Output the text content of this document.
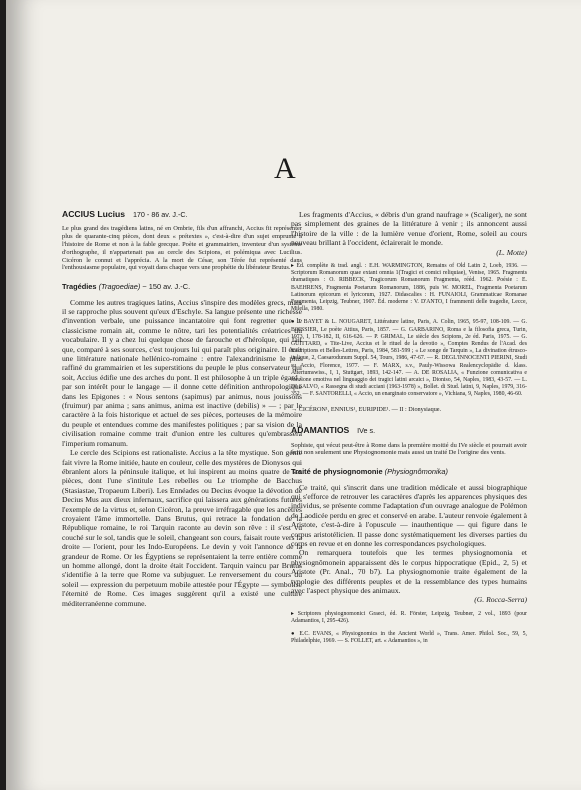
A
ACCIUS Lucius 170 - 86 av. J.-C.

Le plus grand des tragédiens latins, né en Ombrie, fils d'un affranchi, Accius fit représenter plus de quarante-cinq pièces, dont deux « prétextes », c'est-à-dire d'un sujet emprunté à l'histoire de Rome et non à la fable grecque. Poète et grammairien, inventeur d'un système d'orthographe, il n'appartenait pas au cercle des Scipions, et polémiqua avec Lucilius. Cicéron le connut et l'apprécia. A la mort de César, son Térée fut représenté dans l'enthousiasme populaire, qui voyait dans chaque vers une prophétie du libérateur Brutus.

Tragédies (Tragoediae) ~ 150 av. J.-C.

Comme les autres tragiques latins, Accius s'inspire des modèles grecs, mais il se rapproche plus souvent qu'eux d'Eschyle. Sa langue présente une richesse d'invention verbale, une puissance incantatoire qui font regretter que le classicisme romain ait, comme le nôtre, tari les potentialités créatrices du vocabulaire. Il y a chez lui quelque chose de farouche et d'héroïque, qui fait que, comparé à ses sources, c'est toujours lui qui paraît plus originaire. Il écrit une littérature nationale hellénico-romaine : entre l'alexandrinisme le plus raffiné du grammairien et les superstitions du peuple le plus conservateur qui soit, Accius édifie une des arches du pont. Il est philosophe à un triple égard : par son intérêt pour le langage — il donne cette définition anthropologique dans les Epigones : « Nous sentons (sapimus) par animus, nous jouissons (fruimur) par anima ; sans animus, anima est inactive (debilis) » — ; par le caractère à la fois historique et actuel de ses pièces, porteuses de la mémoire du peuple et entendues comme des manifestes politiques ; par sa vision de la civilisation romaine comme trait d'union entre les cultures qu'embrassera l'imperium romanum.

Le cercle des Scipions est rationaliste. Accius a la tête mystique. Son génie fait vivre la Rome initiée, haute en couleur, celle des mystères de Dionysos qui ébranlent alors la péninsule italique, et lui inspirent au moins quatre de ses pièces, dont l'une s'intitule Les rebelles ou Le triomphe de Bacchus (Stasiastae, Tropaeum Liberi). Les Ennéades ou Decius évoque la dévotion de Decius Mus aux dieux infernaux, sacrifice qui laissera aux générations futures l'exemple de la virtus et, selon Cicéron, la preuve irréfragable que les ancêtres croyaient l'âme immortelle. Dans Brutus, qui retrace la fondation de la République romaine, le roi Tarquin raconte au devin son rêve : il s'est vu couché sur le sol, tandis que le soleil, changeant son cours, faisait route vers la droite — l'orient, pour les Indo-Européens. Le devin y voit l'annonce de la grandeur de Rome. Or les Égyptiens se représentaient la terre entière comme un homme allongé, dont la droite était l'occident. Tarquin vaincu par Brutus s'identifie à la terre que Rome va subjuguer. Le renversement du cours du soleil — expression du perpetuum mobile attestée pour l'Égypte — symbolise l'éternité de Rome. Ces images suggèrent qu'il a existé une culture méditerranéenne commune.

Les fragments d'Accius, « débris d'un grand naufrage » (Scaliger), ne sont pas simplement des graines de la littérature à venir ; ils annoncent aussi l'histoire de la ville : de la lumière venue d'orient, Rome, soleil au cours nouveau brillant à l'occident, éclairerait le monde.

(L. Motte)

▸ Éd. complète & trad. angl. : E.H. WARMINGTON, Remains of Old Latin 2, Loeb, 1936. — Scriptorum Romanorum quae extant omnia 1(Tragici et comici reliquiae), Venise, 1965. Fragments dramatiques : O. RIBBECK, Tragicorum Romanorum Fragmenta, rééd. 1962. Poésie : E. BAEHRENS, Fragmenta Poetarum Romanorum, 1886, puis W. MOREL, Fragmenta Poetarum Latinorum epicorum et lyricorum, 1927. Didascalies : H. FUNAIOLI, Grammaticae Romanae Fragmenta, Leipzig, Teubner, 1907. Éd. moderne : V. D'ANTO, I frammenti delle tragedie, Lecce, Milella, 1980.

● J. BAYET & L. NOUGARET, Littérature latine, Paris, A. Colin, 1965, 95-97, 108-109. — G. BOISSIER, Le poète Attius, Paris, 1857. — G. GARBARINO, Roma e la filosofia greca, Turin, 1973, I, 178-182, II, 616-626. — P. GRIMAL, Le siècle des Scipions, 2e éd. Paris, 1975. — G. GUITTARD, « Tite-Live, Accius et le rituel de la devotio », Comptes Rendus de l'Acad. des Inscriptions et Belles-Lettres, Paris, 1984, 581-599 ; « Le songe de Tarquin », La divination étrusco-italique, 2, Caesarodunum Suppl. 54, Tours, 1986, 47-67. — R. DEGL'INNOCENTI PIERINI, Studi su Accio, Florence, 1977. — F. MARX, s.v., Pauly-Wissowa Realencyclopädie d. klass. Altertumswiss., I, 1, Stuttgart, 1893, 142-147. — A. DE ROSALIA, « Funzione comunicativa e funzione emotiva nel linguaggio dei tragici latini arcaici », Dioniso, 54, Naples, 1983, 43-57. — L. DI SALVO, « Rassegna di studi acciani (1963-1978) », Bollet. di Stud. latini, 9, Naples, 1979, 316-352. — F. SANTORELLI, « Accio, un enarginato conservatore », Vichiana, 9, Naples, 1980, 46-60.

→ CICÉRON¹, ENNIUS¹, EURIPIDE¹. — II : Dionysiaque.

ADAMANTIOS IVe s.

Sophiste, qui vécut peut-être à Rome dans la première moitié du IVe siècle et pourrait avoir écrit non seulement une Physiognomonie mais aussi un traité De l'origine des vents.

Traité de physiognomonie (Physiognômonika)

Ce traité, qui s'inscrit dans une tradition médicale et aussi biographique qui s'efforce de retrouver les caractères d'après les apparences physiques des individus, se présente comme l'adaptation d'un ouvrage analogue de Polémon de Laodicée perdu en grec et conservé en arabe. L'auteur renvoie également à Aristote, c'est-à-dire à l'opuscule — inauthentique — qui figure dans le corpus aristotélicien. Il passe donc systématiquement les diverses parties du corps en revue et en donne les correspondances psychologiques.

On remarquera toutefois que les termes physiognomonia et physiognômonein apparaissent dès le corpus hippocratique (Epid., 2, 5) et Aristote (Pr. Anal., 70 b7). La physiognomonie traite également de la typologie des différents peuples et de la ressemblance des types humains avec l'aspect physique des animaux.

(G. Rocca-Serra)

▸ Scriptores physiognomonici Graeci, éd. R. Förster, Leipzig, Teubner, 2 vol., 1893 (pour Adamantios, I, 295-426).

● E.C. EVANS, « Physiognomics in the Ancient World », Trans. Amer. Philol. Soc., 59, 5, Philadelphie, 1969. — S. FOLLET, art. « Adamantios », in
